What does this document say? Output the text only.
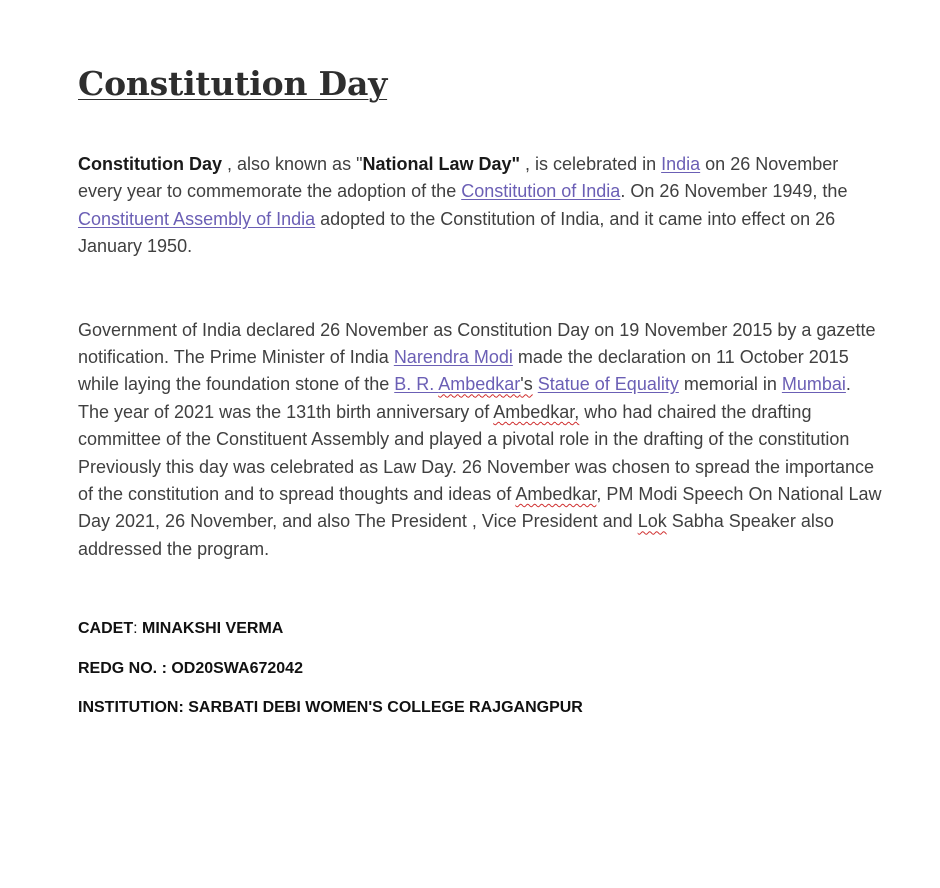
Constitution Day

Constitution Day , also known as "National Law Day" , is celebrated in India on 26 November every year to commemorate the adoption of the Constitution of India. On 26 November 1949, the Constituent Assembly of India adopted to the Constitution of India, and it came into effect on 26 January 1950.

Government of India declared 26 November as Constitution Day on 19 November 2015 by a gazette notification. The Prime Minister of India Narendra Modi made the declaration on 11 October 2015 while laying the foundation stone of the B. R. Ambedkar's Statue of Equality memorial in Mumbai. The year of 2021 was the 131th birth anniversary of Ambedkar, who had chaired the drafting committee of the Constituent Assembly and played a pivotal role in the drafting of the constitution Previously this day was celebrated as Law Day. 26 November was chosen to spread the importance of the constitution and to spread thoughts and ideas of Ambedkar, PM Modi Speech On National Law Day 2021, 26 November, and also The President , Vice President and Lok Sabha Speaker also addressed the program.

CADET: MINAKSHI VERMA

REDG NO. : OD20SWA672042

INSTITUTION: SARBATI DEBI WOMEN'S COLLEGE RAJGANGPUR
